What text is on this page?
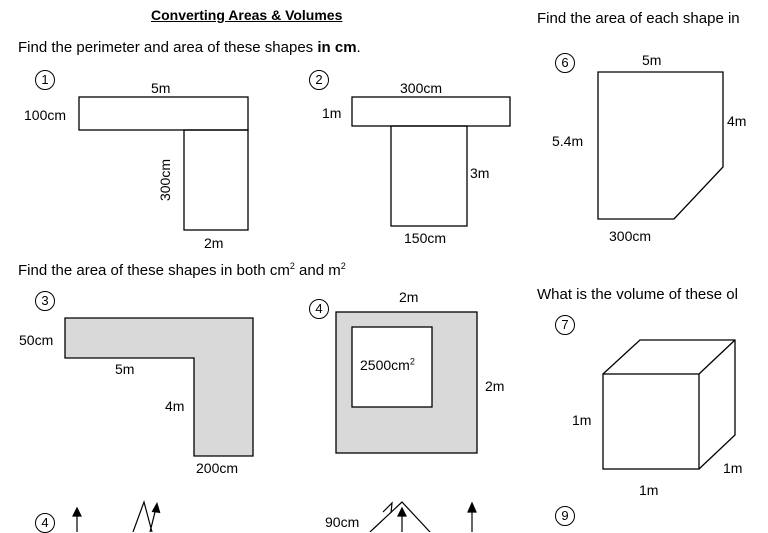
Converting Areas & Volumes
Find the perimeter and area of these shapes in cm.
Find the area of these shapes in both $cm^2$ and $m^2$
Find the area of each shape in
What is the volume of these ol
1	2
3
4
6
7
4	9
5m
100cm
300cm
2m
300cm
1m
3m
150cm
50cm
5m
4m
200cm
2m
$2500cm^2$
2m
5m
5.4m
4m
300cm
1m
1m
1m
90cm
